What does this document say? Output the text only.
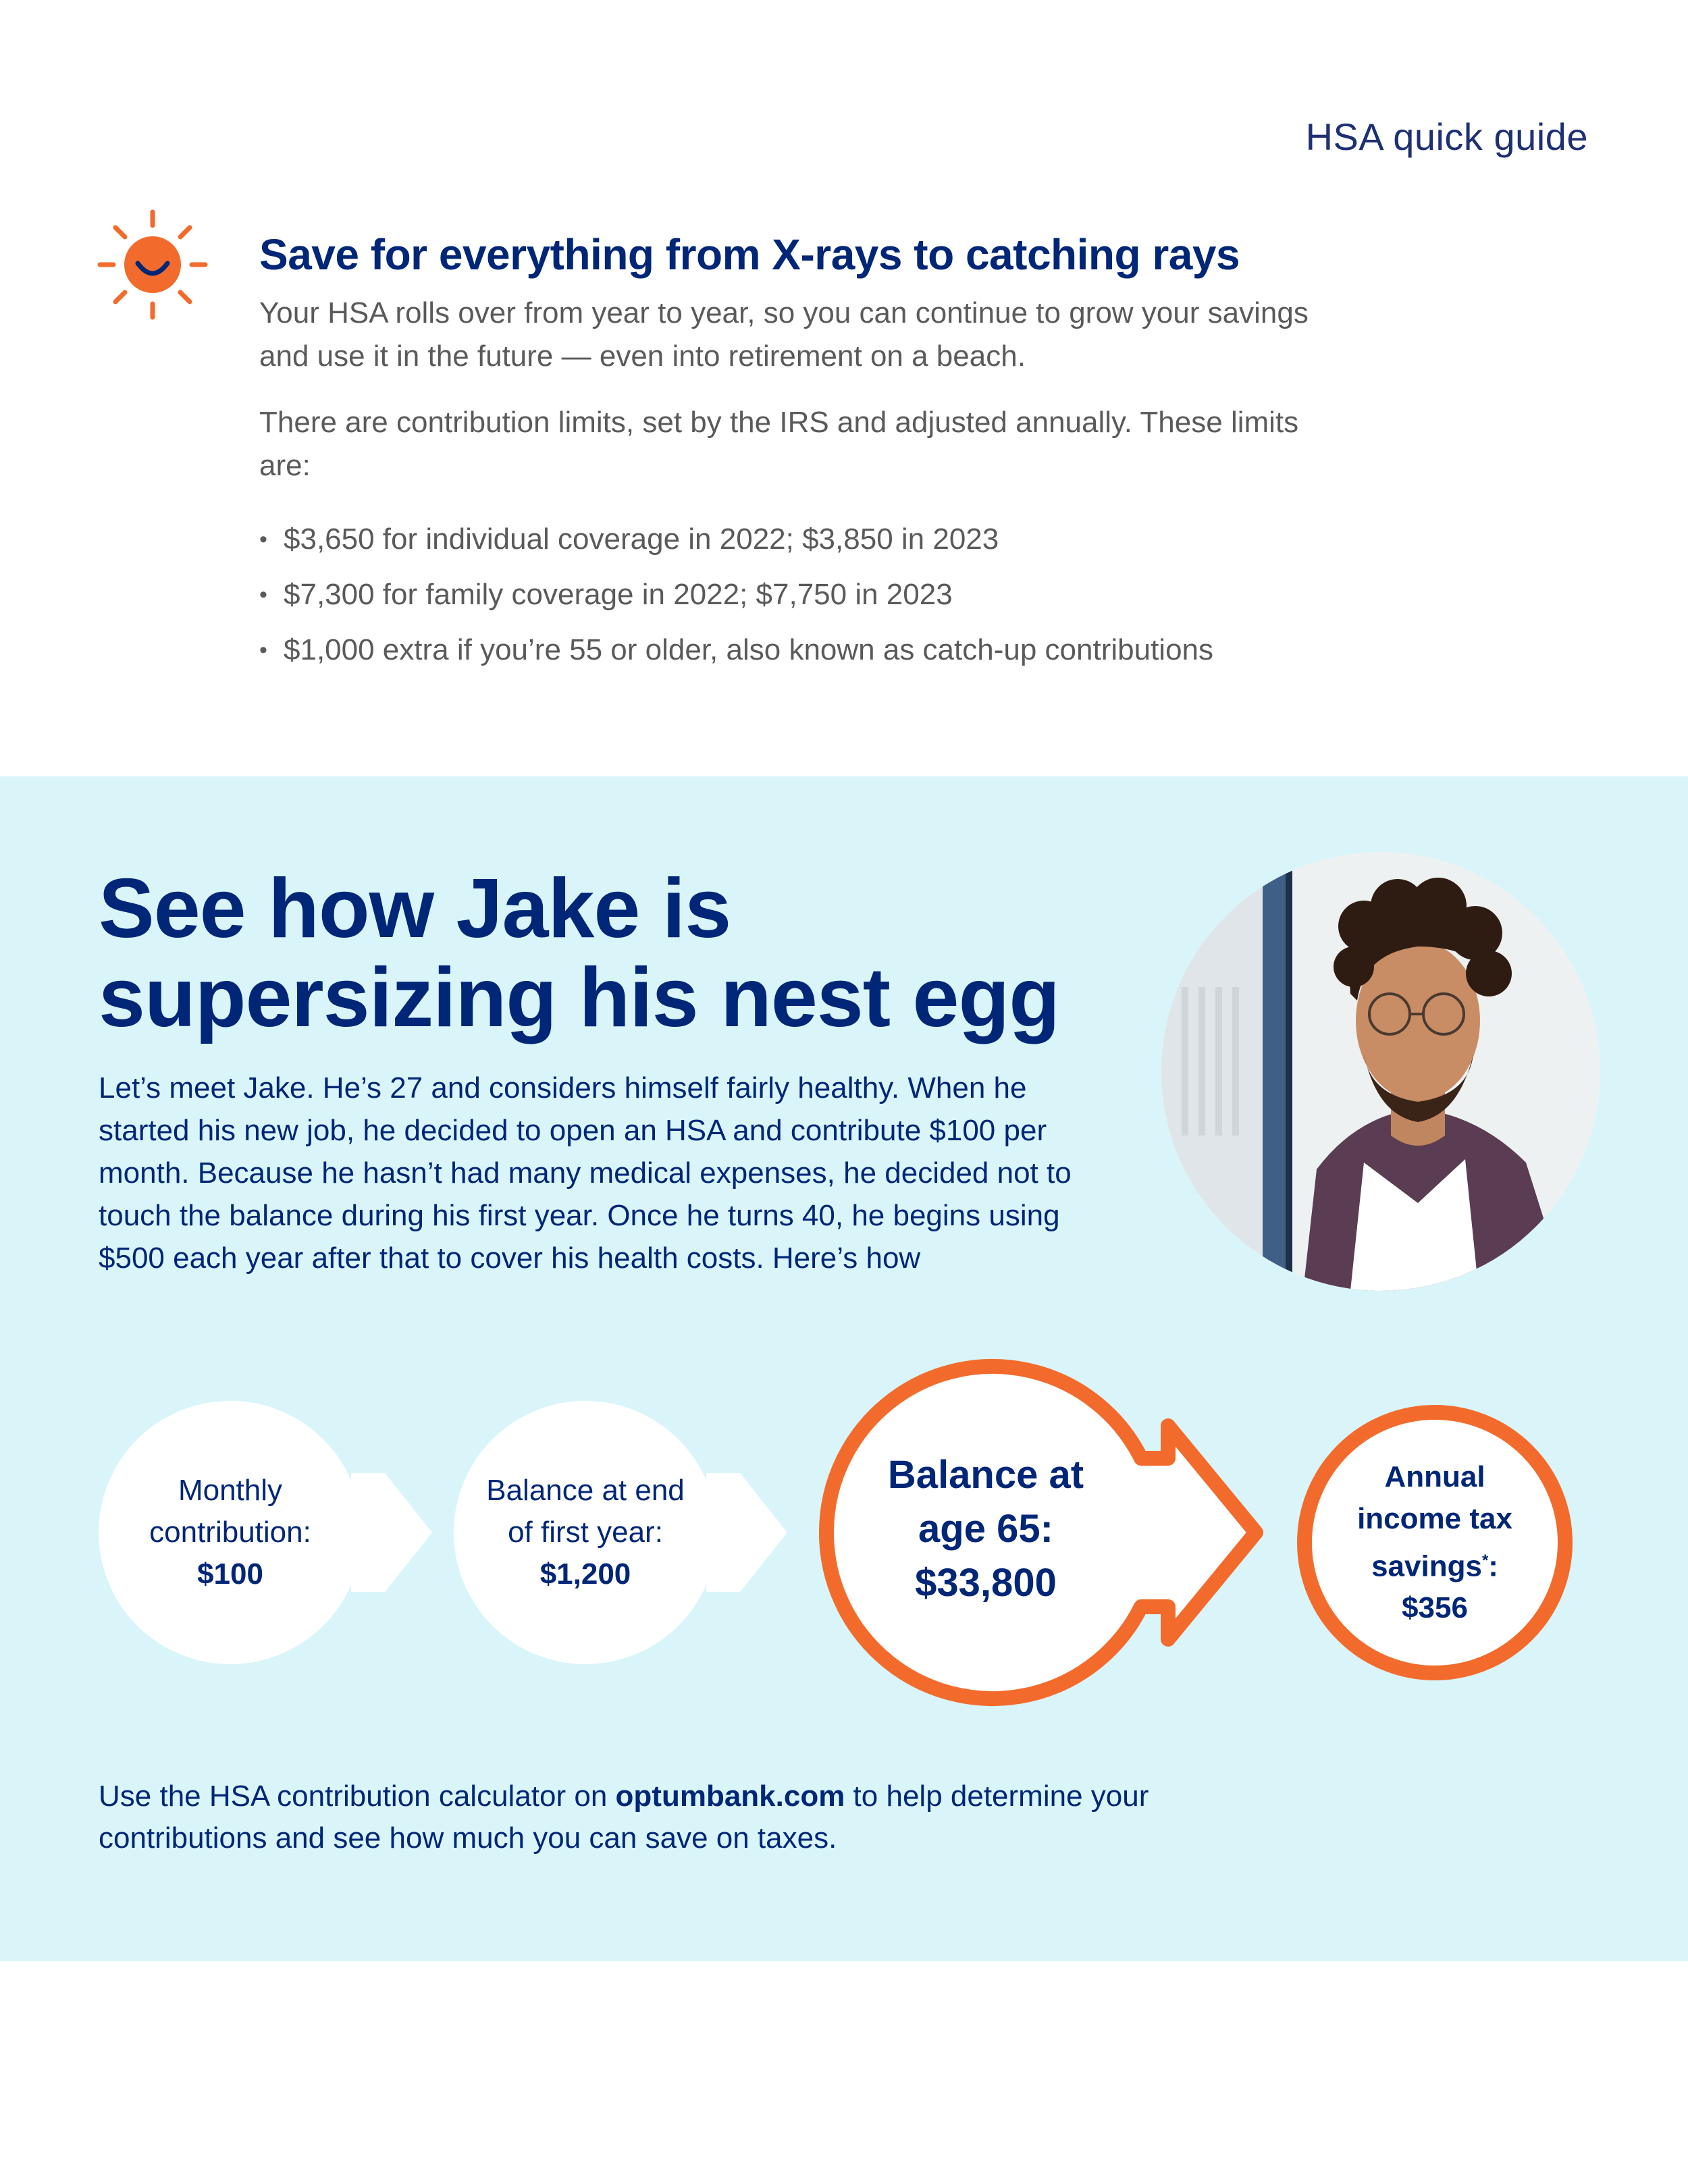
HSA quick guide
Save for everything from X-rays to catching rays

Your HSA rolls over from year to year, so you can continue to grow your savings and use it in the future — even into retirement on a beach.

There are contribution limits, set by the IRS and adjusted annually. These limits are:

• $3,650 for individual coverage in 2022; $3,850 in 2023
• $7,300 for family coverage in 2022; $7,750 in 2023
• $1,000 extra if you’re 55 or older, also known as catch-up contributions
See how Jake is supersizing his nest egg

Let’s meet Jake. He’s 27 and considers himself fairly healthy. When he started his new job, he decided to open an HSA and contribute $100 per month. Because he hasn’t had many medical expenses, he decided not to touch the balance during his first year. Once he turns 40, he begins using $500 each year after that to cover his health costs. Here’s how

Monthly
contribution:
$100
Balance at end
of first year:
$1,200
Balance at
age 65:
$33,800
Annual
income tax
savings*:
$356

Use the HSA contribution calculator on optumbank.com to help determine your contributions and see how much you can save on taxes.
